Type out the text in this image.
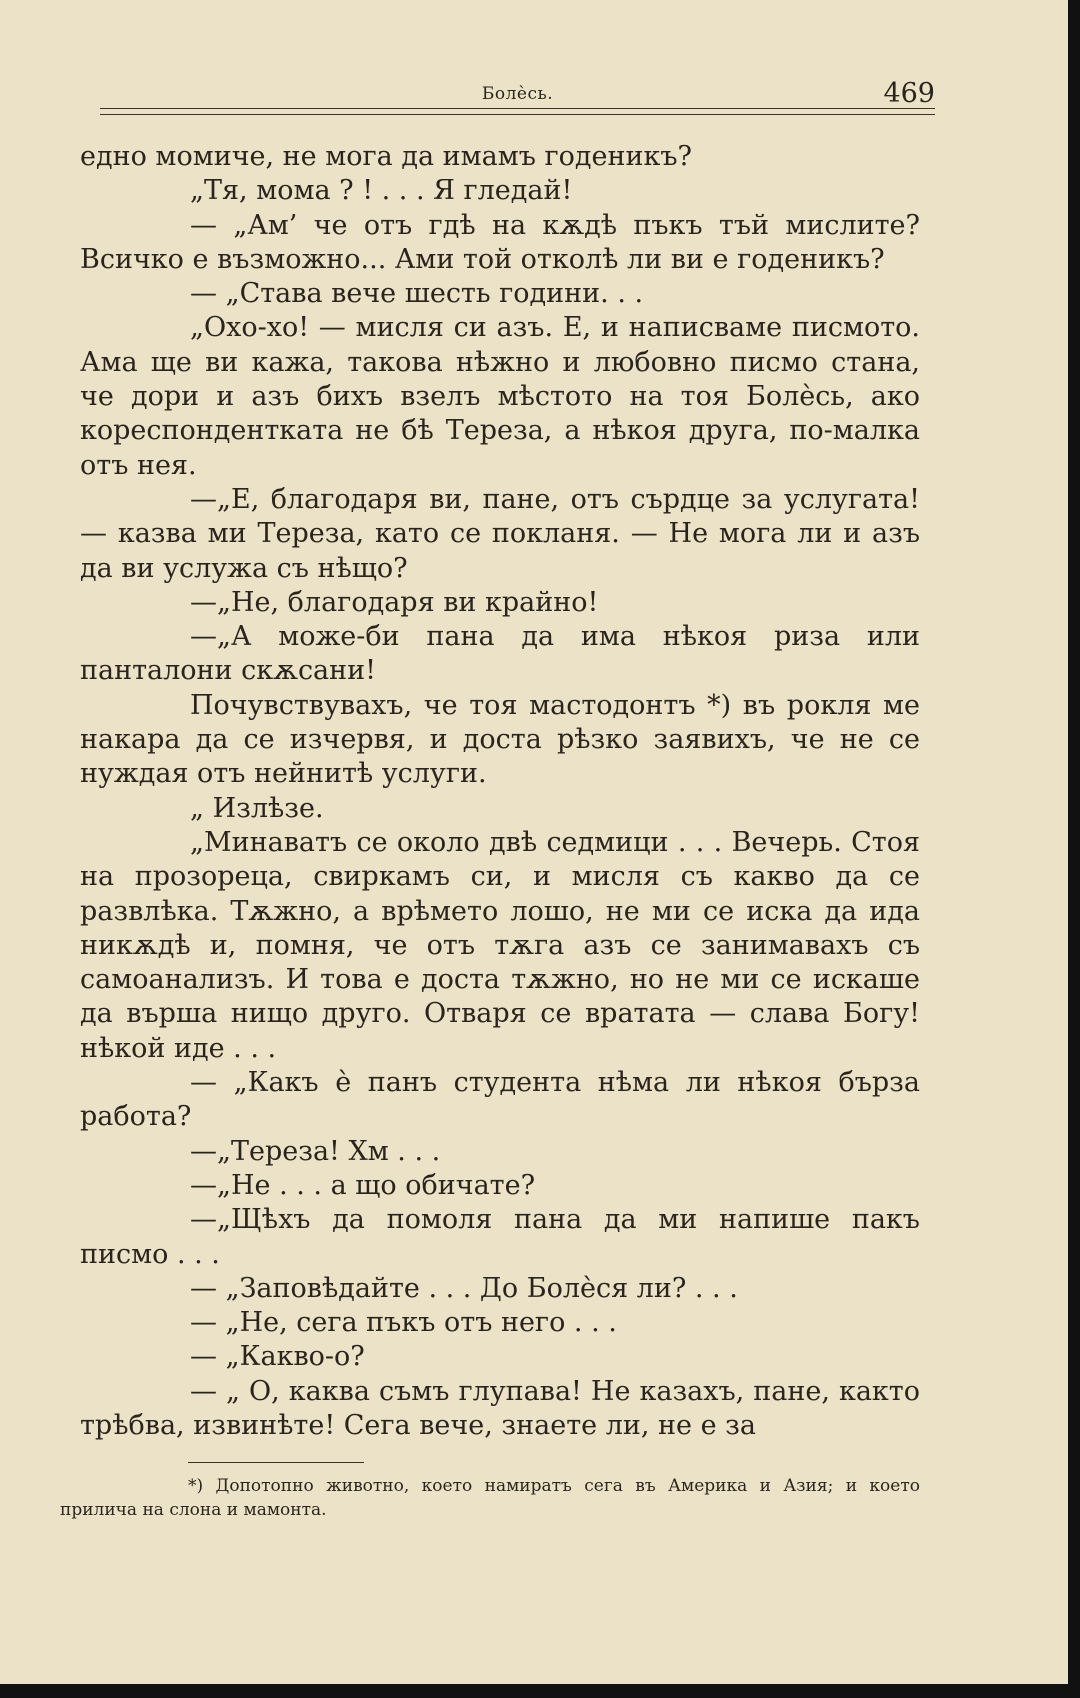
Болѐсь.	469

едно момиче, не мога да имамъ годеникъ?

„Тя, мома ? ! . . . Я гледай!

— „Ам’ че отъ гдѣ на кѫдѣ пъкъ тъй мислите? Всичко е възможно... Ами той отколѣ ли ви е годеникъ?

— „Става вече шесть години. . .

„Охо-хо! — мисля си азъ. Е, и написваме писмото. Ама ще ви кажа, такова нѣжно и любовно писмо стана, че дори и азъ бихъ взелъ мѣстото на тоя Болѐсь, ако кореспондентката не бѣ Тереза, а нѣкоя друга, по-малка отъ нея.

—„Е, благодаря ви, пане, отъ сърдце за услугата! — казва ми Тереза, като се покланя. — Не мога ли и азъ да ви услужа съ нѣщо?

—„Не, благодаря ви крайно!

—„А може-би пана да има нѣкоя риза или панталони скѫсани!

Почувствувахъ, че тоя мастодонтъ *) въ рокля ме накара да се изчервя, и доста рѣзко заявихъ, че не се нуждая отъ нейнитѣ услуги.

„ Излѣзе.

„Минаватъ се около двѣ седмици . . . Вечерь. Стоя на прозореца, свиркамъ си, и мисля съ какво да се развлѣка. Тѫжно, а врѣмето лошо, не ми се иска да ида никѫдѣ и, помня, че отъ тѫга азъ се занимавахъ съ самоанализъ. И това е доста тѫжно, но не ми се искаше да върша нищо друго. Отваря се вратата — слава Богу! нѣкой иде . . .

— „Какъ ѐ панъ студента нѣма ли нѣкоя бърза работа?

—„Тереза! Хм . . .

—„Не . . . а що обичате?

—„Щѣхъ да помоля пана да ми напише пакъ писмо . . .

— „Заповѣдайте . . . До Болѐся ли? . . .

— „Не, сега пъкъ отъ него . . .

— „Какво-о?

— „ О, каква съмъ глупава! Не казахъ, пане, както трѣбва, извинѣте! Сега вече, знаете ли, не е за

*) Допотопно животно, което намиратъ сега въ Америка и Азия; и което прилича на слона и мамонта.
